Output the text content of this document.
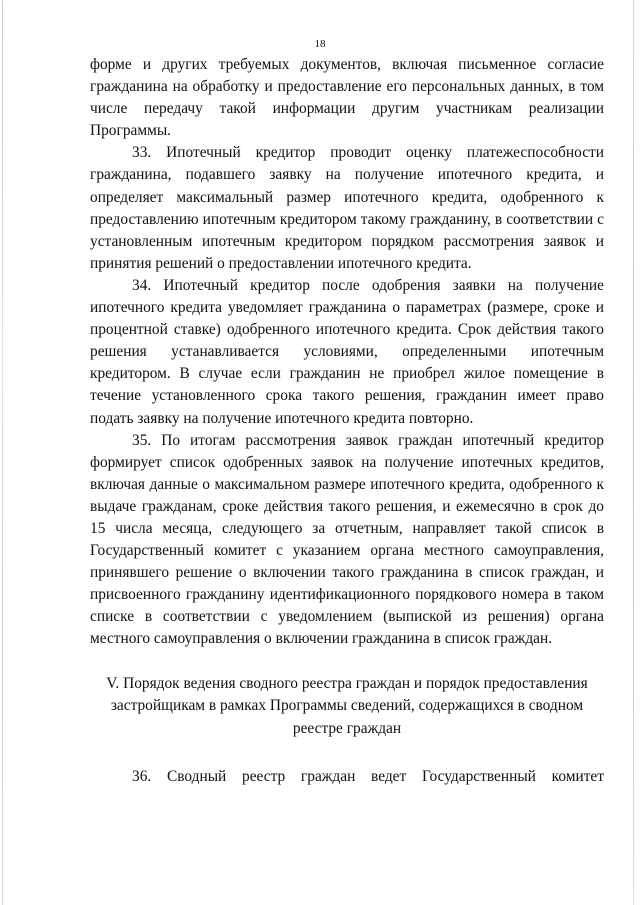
18

форме и других требуемых документов, включая письменное согласие гражданина на обработку и предоставление его персональных данных, в том числе передачу такой информации другим участникам реализации Программы.

33. Ипотечный кредитор проводит оценку платежеспособности гражданина, подавшего заявку на получение ипотечного кредита, и определяет максимальный размер ипотечного кредита, одобренного к предоставлению ипотечным кредитором такому гражданину, в соответствии с установленным ипотечным кредитором порядком рассмотрения заявок и принятия решений о предоставлении ипотечного кредита.

34. Ипотечный кредитор после одобрения заявки на получение ипотечного кредита уведомляет гражданина о параметрах (размере, сроке и процентной ставке) одобренного ипотечного кредита. Срок действия такого решения устанавливается условиями, определенными ипотечным кредитором. В случае если гражданин не приобрел жилое помещение в течение установленного срока такого решения, гражданин имеет право подать заявку на получение ипотечного кредита повторно.

35. По итогам рассмотрения заявок граждан ипотечный кредитор формирует список одобренных заявок на получение ипотечных кредитов, включая данные о максимальном размере ипотечного кредита, одобренного к выдаче гражданам, сроке действия такого решения, и ежемесячно в срок до 15 числа месяца, следующего за отчетным, направляет такой список в Государственный комитет с указанием органа местного самоуправления, принявшего решение о включении такого гражданина в список граждан, и присвоенного гражданину идентификационного порядкового номера в таком списке в соответствии с уведомлением (выпиской из решения) органа местного самоуправления о включении гражданина в список граждан.

V. Порядок ведения сводного реестра граждан и порядок предоставления застройщикам в рамках Программы сведений, содержащихся в сводном реестре граждан

36. Сводный реестр граждан ведет Государственный комитет
